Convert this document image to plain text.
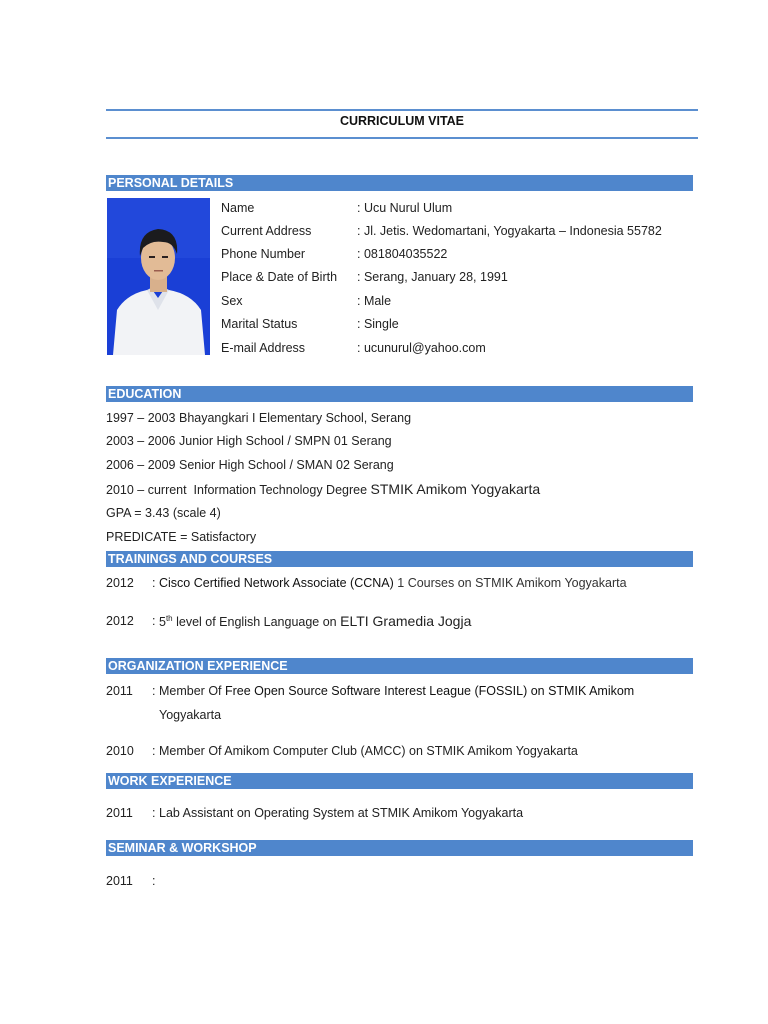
CURRICULUM VITAE
PERSONAL DETAILS
Name	: Ucu Nurul Ulum
Current Address	: Jl. Jetis. Wedomartani, Yogyakarta – Indonesia 55782
Phone Number	: 081804035522
Place & Date of Birth : Serang, January 28, 1991
Sex	: Male
Marital Status	: Single
E-mail Address	: ucunurul@yahoo.com
EDUCATION
1997 – 2003 Bhayangkari I Elementary School, Serang
2003 – 2006 Junior High School / SMPN 01 Serang
2006 – 2009 Senior High School / SMAN 02 Serang
2010 – current  Information Technology Degree STMIK Amikom Yogyakarta
GPA = 3.43 (scale 4)
PREDICATE = Satisfactory
TRAININGS AND COURSES
2012 : Cisco Certified Network Associate (CCNA) 1 Courses on STMIK Amikom Yogyakarta
2012 : 5th level of English Language on ELTI Gramedia Jogja
ORGANIZATION EXPERIENCE
2011 : Member Of Free Open Source Software Interest League (FOSSIL) on STMIK Amikom
Yogyakarta
2010 : Member Of Amikom Computer Club (AMCC) on STMIK Amikom Yogyakarta
WORK EXPERIENCE
2011 : Lab Assistant on Operating System at STMIK Amikom Yogyakarta
SEMINAR & WORKSHOP
2011 :
